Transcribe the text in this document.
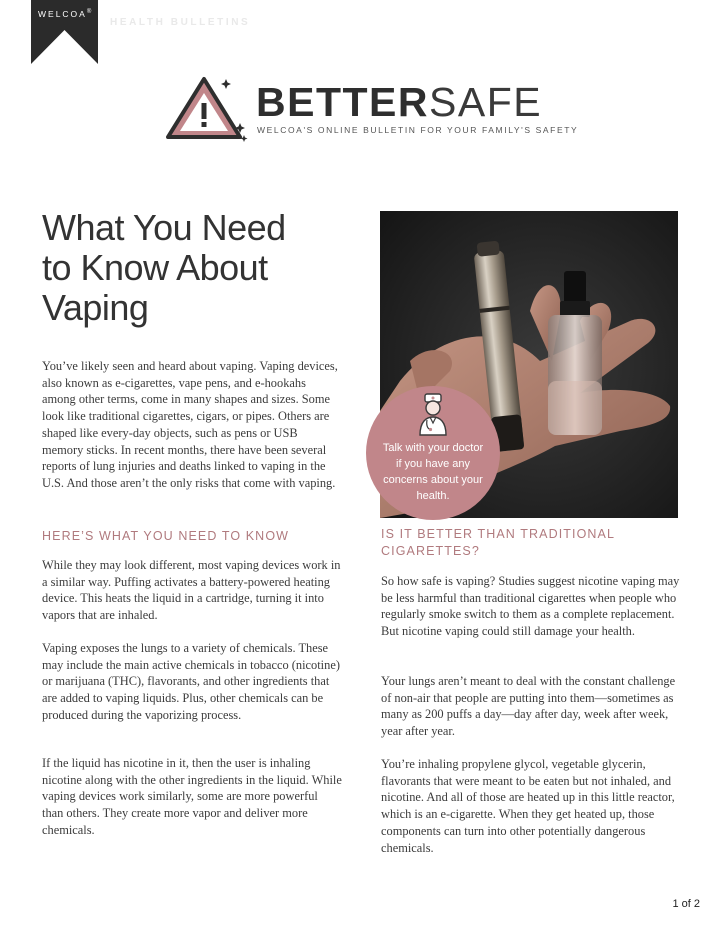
WELCOA®
HEALTH BULLETINS
BETTERSAFE
WELCOA'S ONLINE BULLETIN FOR YOUR FAMILY'S SAFETY
What You Need
to Know About
Vaping
Talk with your doctor if you have any concerns about your health.

You’ve likely seen and heard about vaping. Vaping devices, also known as e-cigarettes, vape pens, and e-hookahs among other terms, come in many shapes and sizes. Some look like traditional cigarettes, cigars, or pipes. Others are shaped like every-day objects, such as pens or USB memory sticks. In recent months, there have been several reports of lung injuries and deaths linked to vaping in the U.S. And those aren’t the only risks that come with vaping.

HERE’S WHAT YOU NEED TO KNOW

While they may look different, most vaping devices work in a similar way. Puffing activates a battery-powered heating device. This heats the liquid in a cartridge, turning it into vapors that are inhaled.

Vaping exposes the lungs to a variety of chemicals. These may include the main active chemicals in tobacco (nicotine) or marijuana (THC), flavorants, and other ingredients that are added to vaping liquids. Plus, other chemicals can be produced during the vaporizing process.

If the liquid has nicotine in it, then the user is inhaling nicotine along with the other ingredients in the liquid. While vaping devices work similarly, some are more powerful than others. They create more vapor and deliver more chemicals.

IS IT BETTER THAN TRADITIONAL CIGARETTES?

So how safe is vaping? Studies suggest nicotine vaping may be less harmful than traditional cigarettes when people who regularly smoke switch to them as a complete replacement. But nicotine vaping could still damage your health.

Your lungs aren’t meant to deal with the constant challenge of non-air that people are putting into them—sometimes as many as 200 puffs a day—day after day, week after week, year after year.

You’re inhaling propylene glycol, vegetable glycerin, flavorants that were meant to be eaten but not inhaled, and nicotine. And all of those are heated up in this little reactor, which is an e-cigarette. When they get heated up, those components can turn into other potentially dangerous chemicals.

1 of 2
